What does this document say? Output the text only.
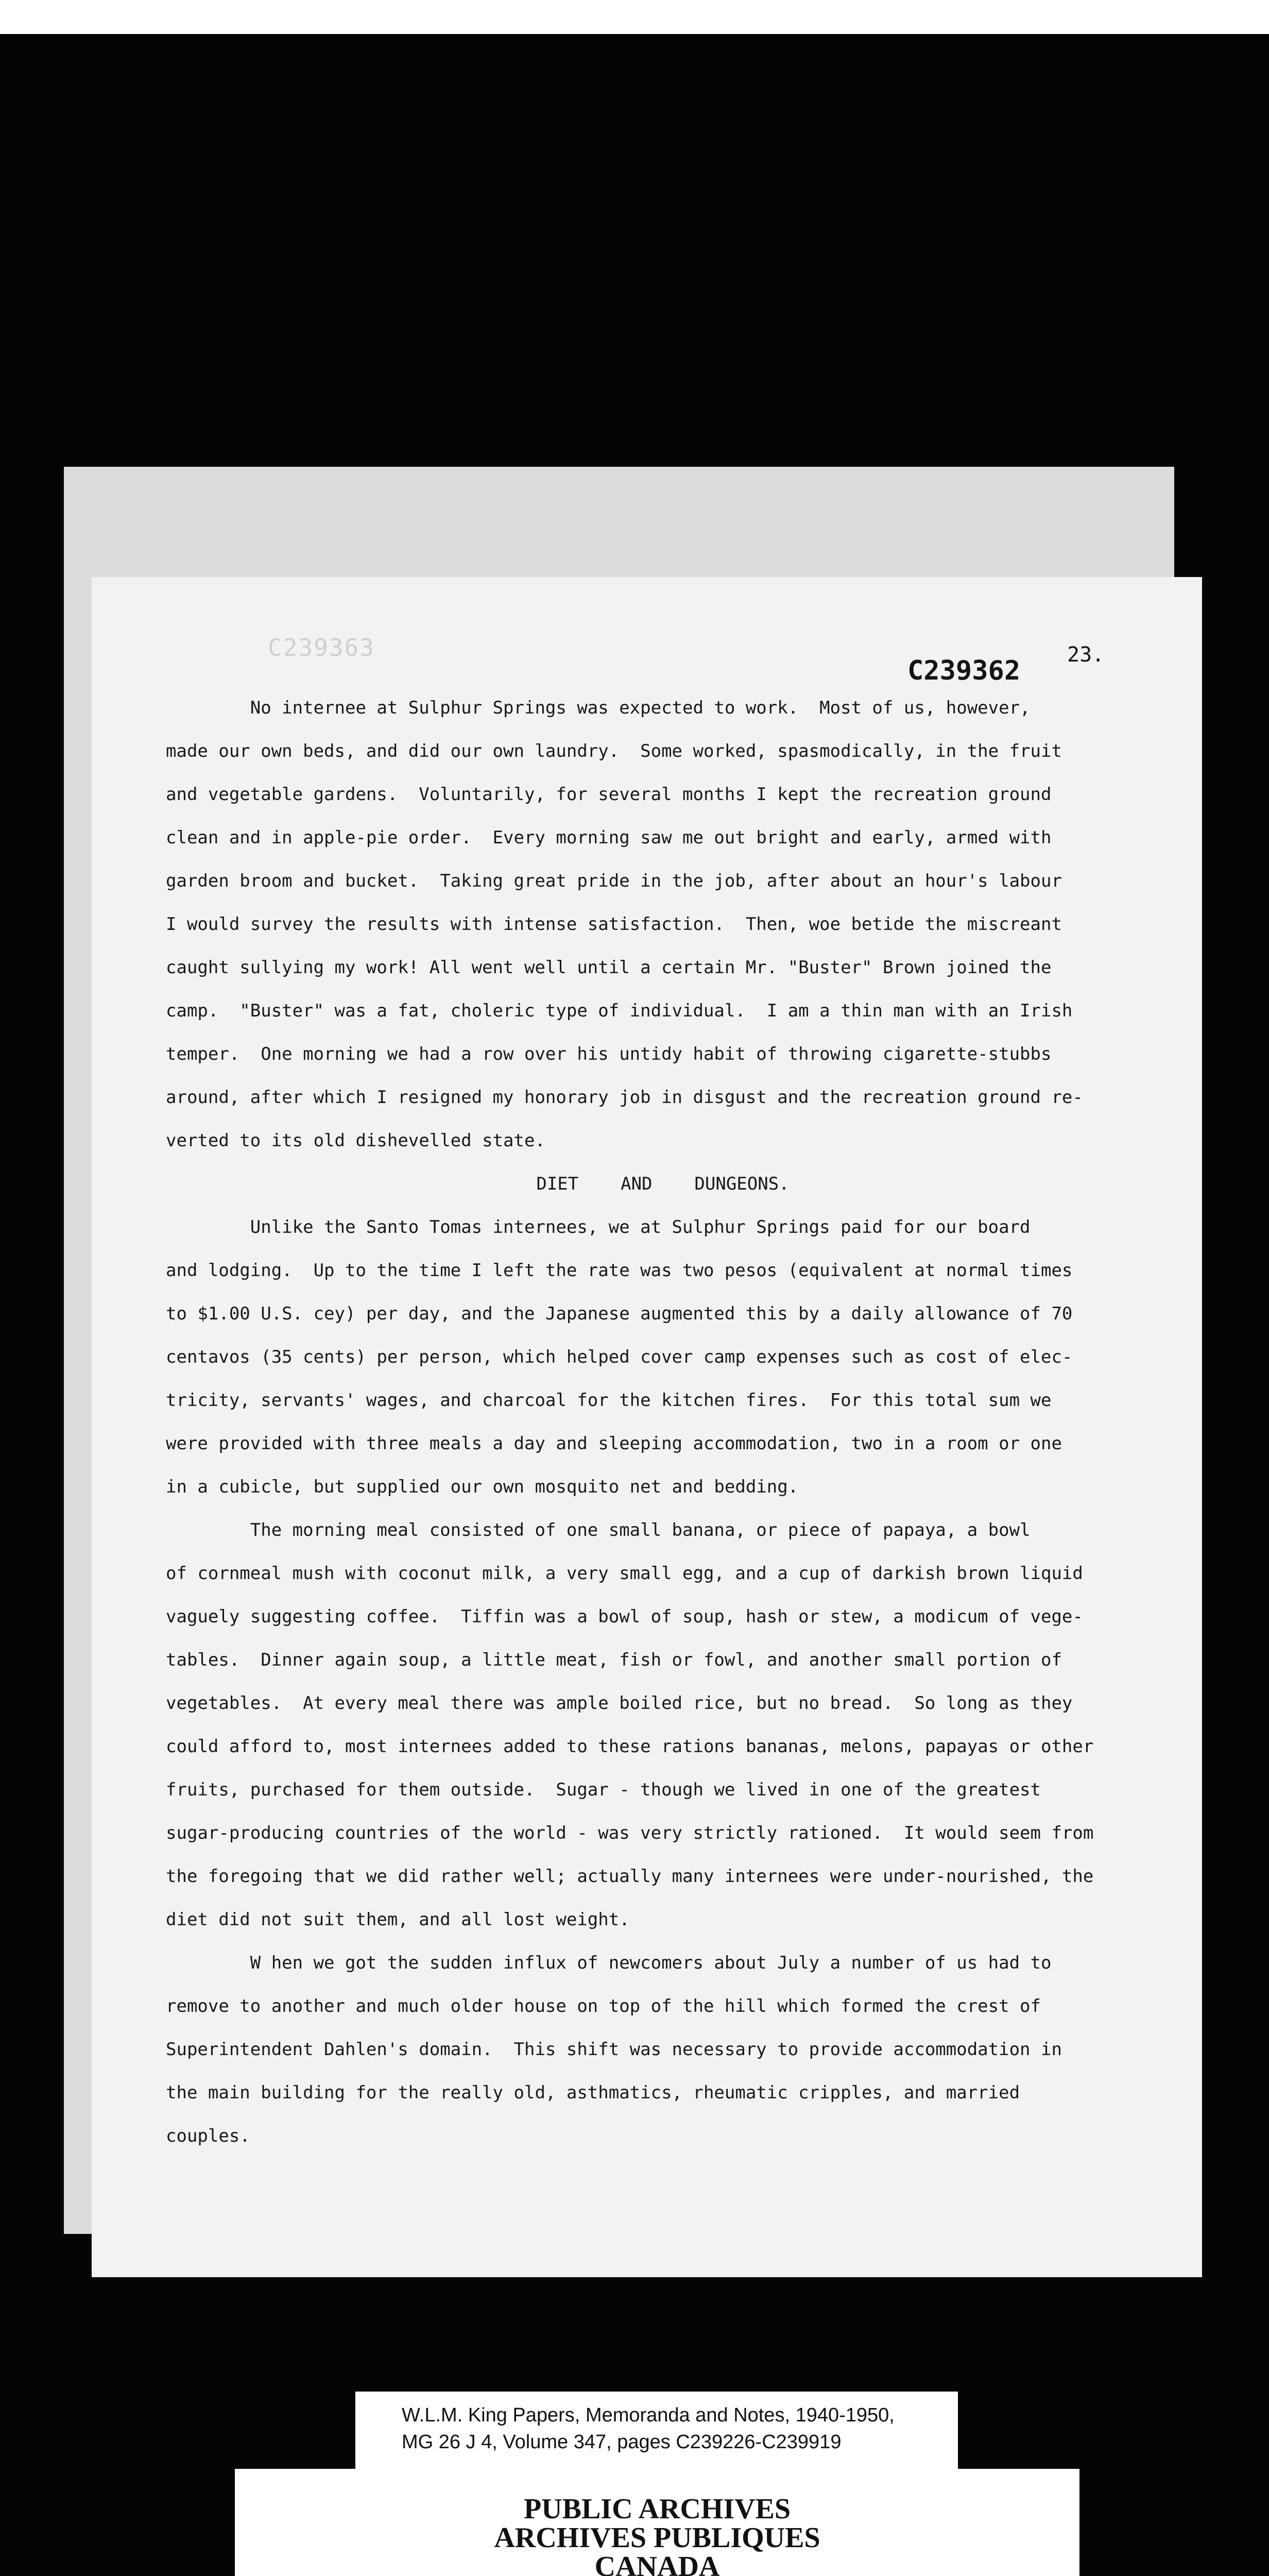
C239363
C239362
23.
No internee at Sulphur Springs was expected to work.  Most of us, however,
made our own beds, and did our own laundry.  Some worked, spasmodically, in the fruit
and vegetable gardens.  Voluntarily, for several months I kept the recreation ground
clean and in apple-pie order.  Every morning saw me out bright and early, armed with
garden broom and bucket.  Taking great pride in the job, after about an hour's labour
I would survey the results with intense satisfaction.  Then, woe betide the miscreant
caught sullying my work! All went well until a certain Mr. "Buster" Brown joined the
camp.  "Buster" was a fat, choleric type of individual.  I am a thin man with an Irish
temper.  One morning we had a row over his untidy habit of throwing cigarette-stubbs
around, after which I resigned my honorary job in disgust and the recreation ground re-
verted to its old dishevelled state.
DIET    AND    DUNGEONS.
Unlike the Santo Tomas internees, we at Sulphur Springs paid for our board
and lodging.  Up to the time I left the rate was two pesos (equivalent at normal times
to $1.00 U.S. cey) per day, and the Japanese augmented this by a daily allowance of 70
centavos (35 cents) per person, which helped cover camp expenses such as cost of elec-
tricity, servants' wages, and charcoal for the kitchen fires.  For this total sum we
were provided with three meals a day and sleeping accommodation, two in a room or one
in a cubicle, but supplied our own mosquito net and bedding.
The morning meal consisted of one small banana, or piece of papaya, a bowl
of cornmeal mush with coconut milk, a very small egg, and a cup of darkish brown liquid
vaguely suggesting coffee.  Tiffin was a bowl of soup, hash or stew, a modicum of vege-
tables.  Dinner again soup, a little meat, fish or fowl, and another small portion of
vegetables.  At every meal there was ample boiled rice, but no bread.  So long as they
could afford to, most internees added to these rations bananas, melons, papayas or other
fruits, purchased for them outside.  Sugar - though we lived in one of the greatest
sugar-producing countries of the world - was very strictly rationed.  It would seem from
the foregoing that we did rather well; actually many internees were under-nourished, the
diet did not suit them, and all lost weight.
W hen we got the sudden influx of newcomers about July a number of us had to
remove to another and much older house on top of the hill which formed the crest of
Superintendent Dahlen's domain.  This shift was necessary to provide accommodation in
the main building for the really old, asthmatics, rheumatic cripples, and married
couples.
W.L.M. King Papers, Memoranda and Notes, 1940-1950,
MG 26 J 4, Volume 347, pages C239226-C239919
PUBLIC ARCHIVES
ARCHIVES PUBLIQUES
CANADA
